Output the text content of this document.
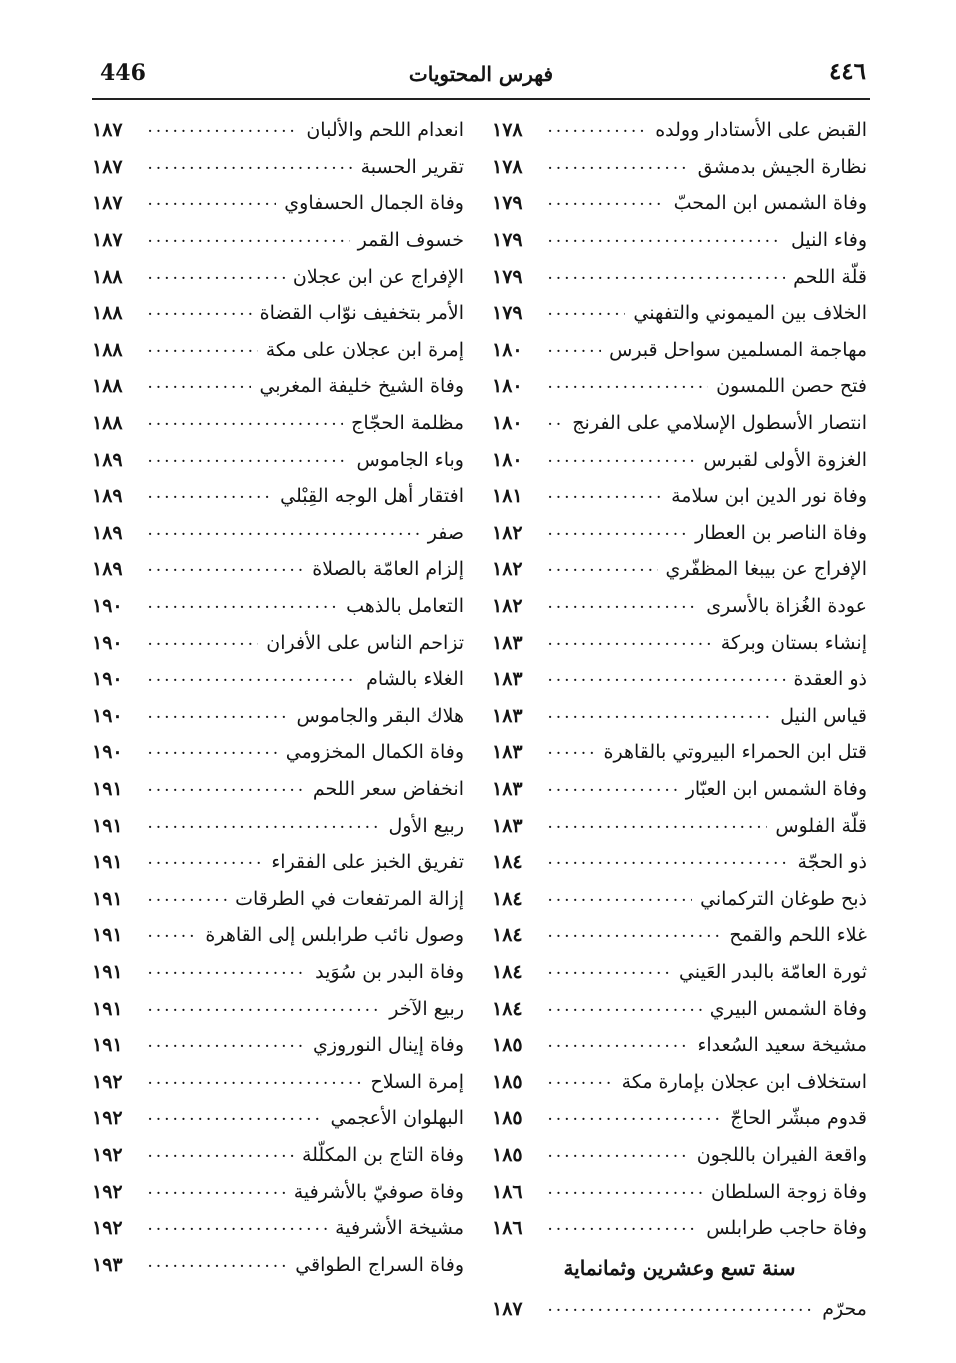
446	فهرس المحتويات	٤٤٦
القبض على الأستادار وولده
. . .
١٧٨
نظارة الجيش بدمشق
. . .
١٧٨
وفاة الشمس ابن المحبّ
. . .
١٧٩
وفاء النيل
. . .
١٧٩
قلّة اللحم
. . .
١٧٩
الخلاف بين الميموني والتفهني
. . .
١٧٩
مهاجمة المسلمين سواحل قبرس
. . .
١٨٠
فتح حصن اللمسون
. . .
١٨٠
انتصار الأسطول الإسلامي على الفرنج
. . .
١٨٠
الغزوة الأولى لقبرس
. . .
١٨٠
وفاة نور الدين ابن سلامة
. . .
١٨١
وفاة الناصر بن العطار
. . .
١٨٢
الإفراج عن بيبغا المظفّري
. . .
١٨٢
عودة الغُزاة بالأسرى
. . .
١٨٢
إنشاء بستان وبركة
. . .
١٨٣
ذو العقدة
. . .
١٨٣
قياس النيل
. . .
١٨٣
قتل ابن الحمراء البيروتي بالقاهرة
. . .
١٨٣
وفاة الشمس ابن العبّار
. . .
١٨٣
قلّة الفلوس
. . .
١٨٣
ذو الحجّة
. . .
١٨٤
ذبح طوغان التركماني
. . .
١٨٤
غلاء اللحم والقمح
. . .
١٨٤
ثورة العامّة بالبدر العَيني
. . .
١٨٤
وفاة الشمس البيري
. . .
١٨٤
مشيخة سعيد السُعداء
. . .
١٨٥
استخلاف ابن عجلان بإمارة مكة
. . .
١٨٥
قدوم مبشّر الحاجّ
. . .
١٨٥
واقعة الفيران باللجون
. . .
١٨٥
وفاة زوجة السلطان
. . .
١٨٦
وفاة حاجب طرابلس
. . .
١٨٦
سنة تسع وعشرين وثمانماية
محرّم
. . .
١٨٧
انعدام اللحم والألبان
. . .
١٨٧
تقرير الحسبة
. . .
١٨٧
وفاة الجمال الحسفاوي
. . .
١٨٧
خسوف القمر
. . .
١٨٧
الإفراج عن ابن عجلان
. . .
١٨٨
الأمر بتخفيف نوّاب القضاة
. . .
١٨٨
إمرة ابن عجلان على مكة
. . .
١٨٨
وفاة الشيخ خليفة المغربي
. . .
١٨٨
مظلمة الحجّاج
. . .
١٨٨
وباء الجاموس
. . .
١٨٩
افتقار أهل الوجه القِبْلي
. . .
١٨٩
صفر
. . .
١٨٩
إلزام العامّة بالصلاة
. . .
١٨٩
التعامل بالذهب
. . .
١٩٠
تزاحم الناس على الأفران
. . .
١٩٠
الغلاء بالشام
. . .
١٩٠
هلاك البقر والجاموس
. . .
١٩٠
وفاة الكمال المخزومي
. . .
١٩٠
انخفاض سعر اللحم
. . .
١٩١
ربيع الأول
. . .
١٩١
تفريق الخبز على الفقراء
. . .
١٩١
إزالة المرتفعات في الطرقات
. . .
١٩١
وصول نائب طرابلس إلى القاهرة
. . .
١٩١
وفاة البدر بن سُوَيد
. . .
١٩١
ربيع الآخر
. . .
١٩١
وفاة إينال النوروزي
. . .
١٩١
إمرة السلاح
. . .
١٩٢
البهلوان الأعجمي
. . .
١٩٢
وفاة التاج بن المكلّلة
. . .
١٩٢
وفاة صوفيّ بالأشرفية
. . .
١٩٢
مشيخة الأشرفية
. . .
١٩٢
وفاة السراج الطواقي
. . .
١٩٣
